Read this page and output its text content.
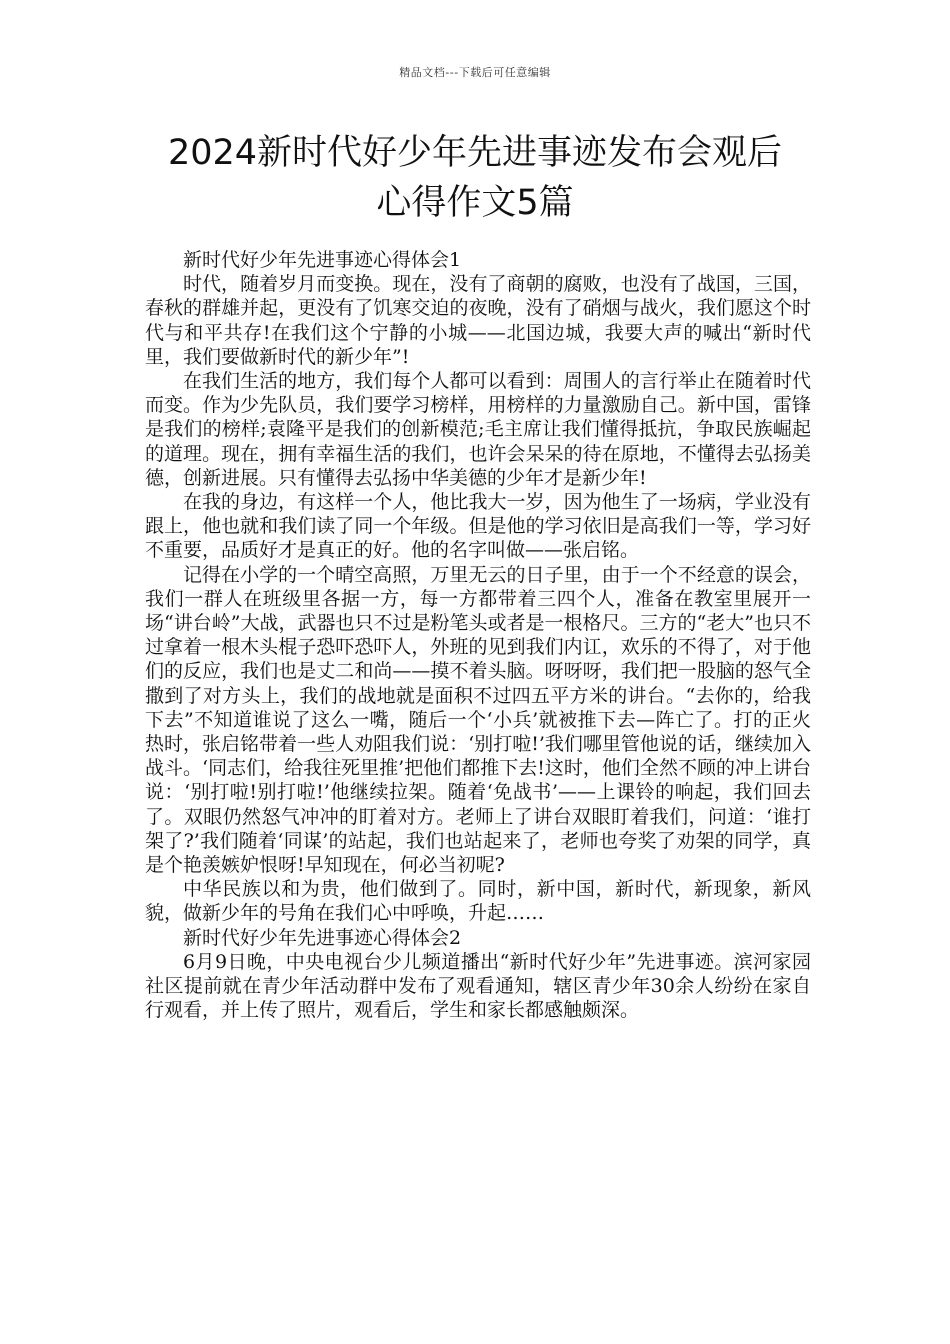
精品文档---下载后可任意编辑
2024新时代好少年先进事迹发布会观后
心得作文5篇

新时代好少年先进事迹心得体会1

时代，随着岁月而变换。现在，没有了商朝的腐败，也没有了战国，三国，春秋的群雄并起，更没有了饥寒交迫的夜晚，没有了硝烟与战火，我们愿这个时代与和平共存!在我们这个宁静的小城——北国边城，我要大声的喊出“新时代里，我们要做新时代的新少年”!

在我们生活的地方，我们每个人都可以看到：周围人的言行举止在随着时代而变。作为少先队员，我们要学习榜样，用榜样的力量激励自己。新中国，雷锋是我们的榜样;袁隆平是我们的创新模范;毛主席让我们懂得抵抗，争取民族崛起的道理。现在，拥有幸福生活的我们，也许会呆呆的待在原地，不懂得去弘扬美德，创新进展。只有懂得去弘扬中华美德的少年才是新少年!

在我的身边，有这样一个人，他比我大一岁，因为他生了一场病，学业没有跟上，他也就和我们读了同一个年级。但是他的学习依旧是高我们一等，学习好不重要，品质好才是真正的好。他的名字叫做——张启铭。

记得在小学的一个晴空高照，万里无云的日子里，由于一个不经意的误会，我们一群人在班级里各据一方，每一方都带着三四个人，准备在教室里展开一场“讲台岭”大战，武器也只不过是粉笔头或者是一根格尺。三方的“老大”也只不过拿着一根木头棍子恐吓恐吓人，外班的见到我们内讧，欢乐的不得了，对于他们的反应，我们也是丈二和尚——摸不着头脑。呀呀呀，我们把一股脑的怒气全撒到了对方头上，我们的战地就是面积不过四五平方米的讲台。“去你的，给我下去”不知道谁说了这么一嘴，随后一个‘小兵’就被推下去—阵亡了。打的正火热时，张启铭带着一些人劝阻我们说：‘别打啦!’我们哪里管他说的话，继续加入战斗。‘同志们，给我往死里推’把他们都推下去!这时，他们全然不顾的冲上讲台说：‘别打啦!别打啦!’他继续拉架。随着‘免战书’——上课铃的响起，我们回去了。双眼仍然怒气冲冲的盯着对方。老师上了讲台双眼盯着我们，问道：‘谁打架了?’我们随着‘同谋’的站起，我们也站起来了，老师也夸奖了劝架的同学，真是个艳羡嫉妒恨呀!早知现在，何必当初呢?

中华民族以和为贵，他们做到了。同时，新中国，新时代，新现象，新风貌，做新少年的号角在我们心中呼唤，升起……

新时代好少年先进事迹心得体会2

6月9日晚，中央电视台少儿频道播出“新时代好少年”先进事迹。滨河家园社区提前就在青少年活动群中发布了观看通知，辖区青少年30余人纷纷在家自行观看，并上传了照片，观看后，学生和家长都感触颇深。
